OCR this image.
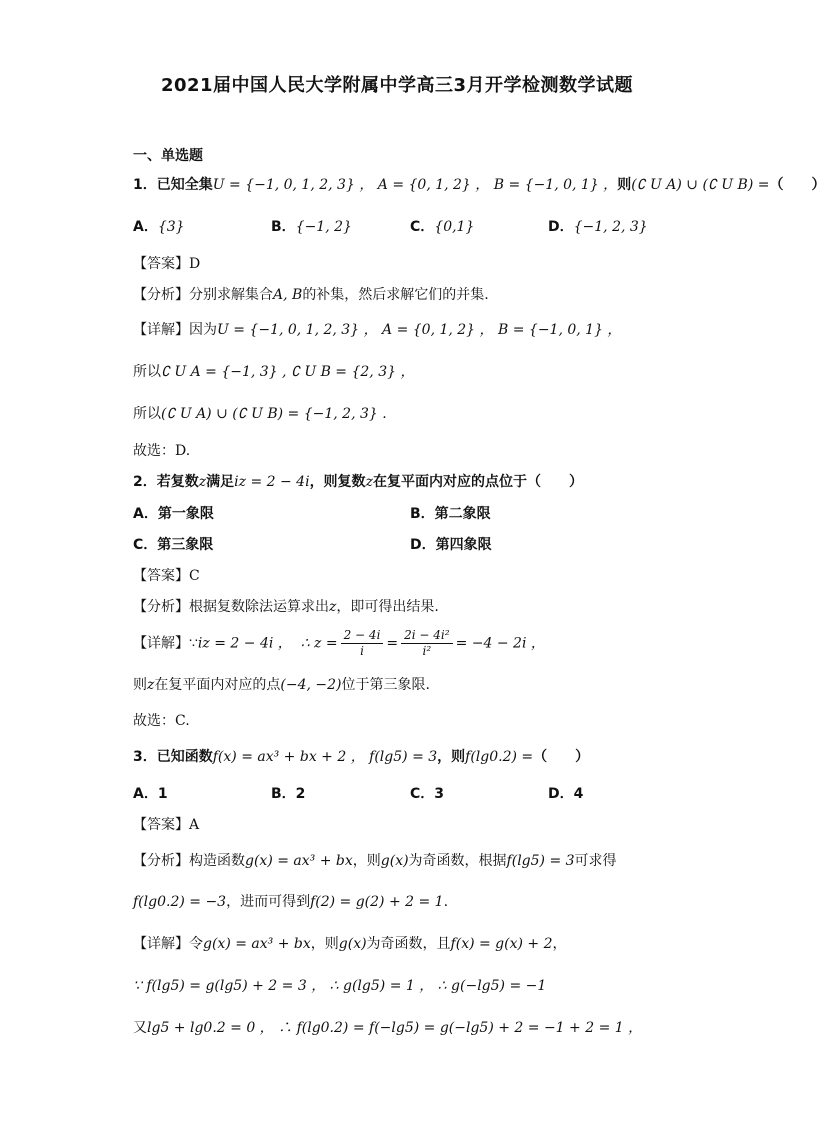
2021届中国人民大学附属中学高三3月开学检测数学试题
一、单选题
1．已知全集U = {−1, 0, 1, 2, 3} ， A = {0, 1, 2} ， B = {−1, 0, 1} ，则(∁ U A) ∪ (∁ U B) =（　　）
A．{3}	B．{−1, 2}	C．{0,1}	D．{−1, 2, 3}
【答案】D
【分析】分别求解集合A, B的补集，然后求解它们的并集.
【详解】因为U = {−1, 0, 1, 2, 3} ， A = {0, 1, 2} ， B = {−1, 0, 1} ，
所以∁ U A = {−1, 3} , ∁ U B = {2, 3} ，
所以(∁ U A) ∪ (∁ U B) = {−1, 2, 3} .
故选：D.
2．若复数z满足iz = 2 − 4i，则复数z在复平面内对应的点位于（　　）
A．第一象限	B．第二象限
C．第三象限	D．第四象限
【答案】C
【分析】根据复数除法运算求出z，即可得出结果.
【详解】∵iz = 2 − 4i ， ∴ $z = \frac{2 - 4i}{i} = \frac{\text{2i − 4i²}}{\text{i²}} = -4 - 2i$ ，
则z在复平面内对应的点(−4, −2)位于第三象限.
故选：C.
3．已知函数f(x) = ax³ + bx + 2 ， f(lg5) = 3，则f(lg0.2) =（　　）
A．1	B．2	C．3	D．4
【答案】A
【分析】构造函数g(x) = ax³ + bx，则g(x)为奇函数，根据f(lg5) = 3可求得
f(lg0.2) = −3，进而可得到f(2) = g(2) + 2 = 1.
【详解】令g(x) = ax³ + bx，则g(x)为奇函数，且f(x) = g(x) + 2，
∵ f(lg5) = g(lg5) + 2 = 3 ， ∴ g(lg5) = 1 ， ∴ g(−lg5) = −1
又lg5 + lg0.2 = 0 ， ∴ f(lg0.2) = f(−lg5) = g(−lg5) + 2 = −1 + 2 = 1 ，
